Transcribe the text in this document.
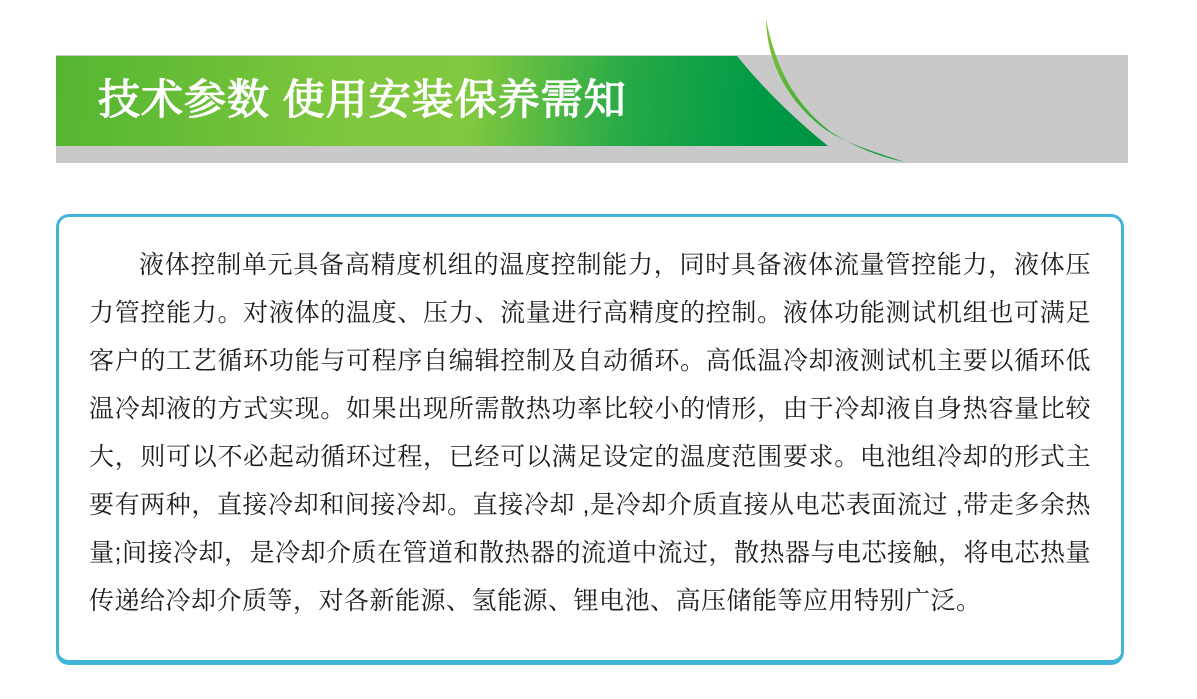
技术参数 使用安装保养需知
液体控制单元具备高精度机组的温度控制能力，同时具备液体流量管控能力，液体压力管控能力。对液体的温度、压力、流量进行高精度的控制。液体功能测试机组也可满足客户的工艺循环功能与可程序自编辑控制及自动循环。高低温冷却液测试机主要以循环低温冷却液的方式实现。如果出现所需散热功率比较小的情形，由于冷却液自身热容量比较大，则可以不必起动循环过程，已经可以满足设定的温度范围要求。电池组冷却的形式主要有两种，直接冷却和间接冷却。直接冷却 ,是冷却介质直接从电芯表面流过 ,带走多余热量;间接冷却，是冷却介质在管道和散热器的流道中流过，散热器与电芯接触，将电芯热量传递给冷却介质等，对各新能源、氢能源、锂电池、高压储能等应用特别广泛。
